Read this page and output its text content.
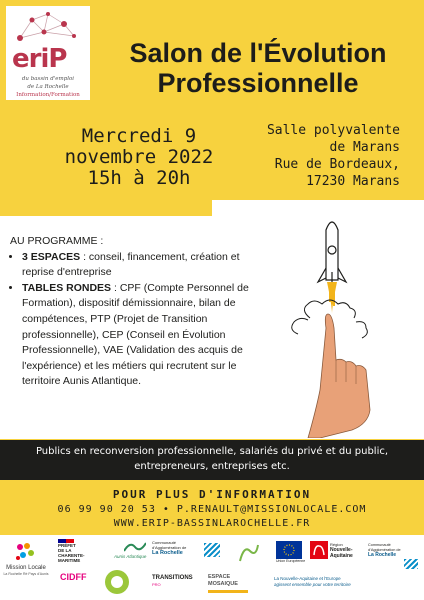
eriP
du bassin d'emploi
de La Rochelle
Information/Formation
Salon de l'Évolution
Professionnelle
Mercredi 9
novembre 2022
15h à 20h
Salle polyvalente
de Marans
Rue de Bordeaux,
17230 Marans
AU PROGRAMME :
• 3 ESPACES : conseil, financement, création et reprise d'entreprise
• TABLES RONDES : CPF (Compte Personnel de Formation), dispositif démissionnaire, bilan de compétences, PTP (Projet de Transition professionnelle), CEP (Conseil en Évolution Professionnelle), VAE (Validation des acquis de l'expérience) et les métiers qui recrutent sur le territoire Aunis Atlantique.
Publics en reconversion professionnelle, salariés du privé et du public,
entrepreneurs, entreprises etc.
POUR PLUS D'INFORMATION
06 99 90 20 53 • P.RENAULT@MISSIONLOCALE.COM
WWW.ERIP-BASSINLAROCHELLE.FR
Mission Locale
La Rochelle Ré Pays d'Aunis
PRÉFET
DE LA
CHARENTE-
MARITIME
CIDFF
Aunis Atlantique
Communauté
d'Agglomération de
La Rochelle
TRANSITIONS
PRO
ESPACE
MOSAIQUE
Union Européenne
La Nouvelle-Aquitaine et l'Europe
agissent ensemble pour votre territoire
Région
Nouvelle-
Aquitaine
Communauté
d'Agglomération de
La Rochelle
